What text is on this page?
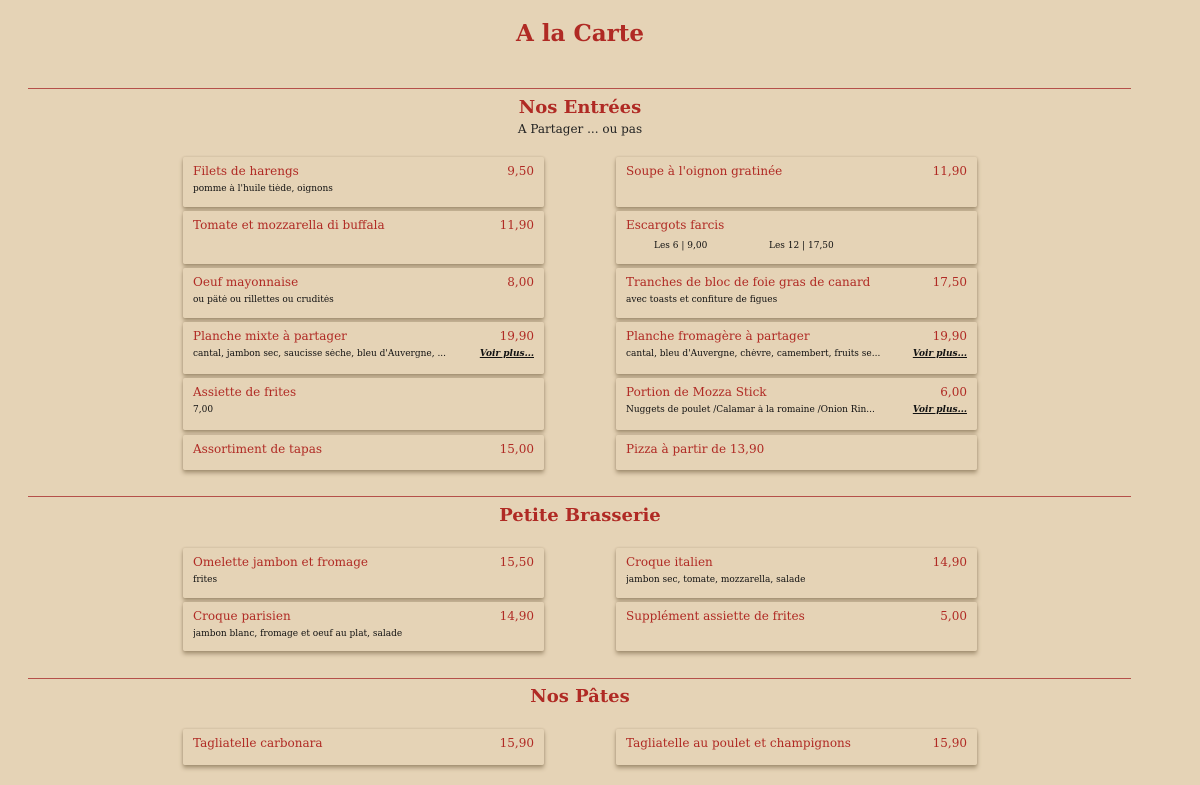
A la Carte
Nos Entrées
A Partager ... ou pas
Filets de harengs	9,50
pomme à l'huile tiède, oignons
Tomate et mozzarella di buffala	11,90
Oeuf mayonnaise	8,00
ou pâté ou rillettes ou crudités
Planche mixte à partager	19,90
cantal, jambon sec, saucisse sèche, bleu d'Auvergne, ...	Voir plus...
Assiette de frites
7,00
Assortiment de tapas	15,00
Soupe à l'oignon gratinée	11,90
Escargots farcis
Les 6 | 9,00	Les 12 | 17,50
Tranches de bloc de foie gras de canard	17,50
avec toasts et confiture de figues
Planche fromagère à partager	19,90
cantal, bleu d'Auvergne, chèvre, camembert, fruits se...	Voir plus...
Portion de Mozza Stick	6,00
Nuggets de poulet /Calamar à la romaine /Onion Rin...	Voir plus...
Pizza à partir de 13,90
Petite Brasserie
Omelette jambon et fromage	15,50
frites
Croque parisien	14,90
jambon blanc, fromage et oeuf au plat, salade
Croque italien	14,90
jambon sec, tomate, mozzarella, salade
Supplément assiette de frites	5,00
Nos Pâtes
Tagliatelle carbonara	15,90	Tagliatelle au poulet et champignons	15,90
